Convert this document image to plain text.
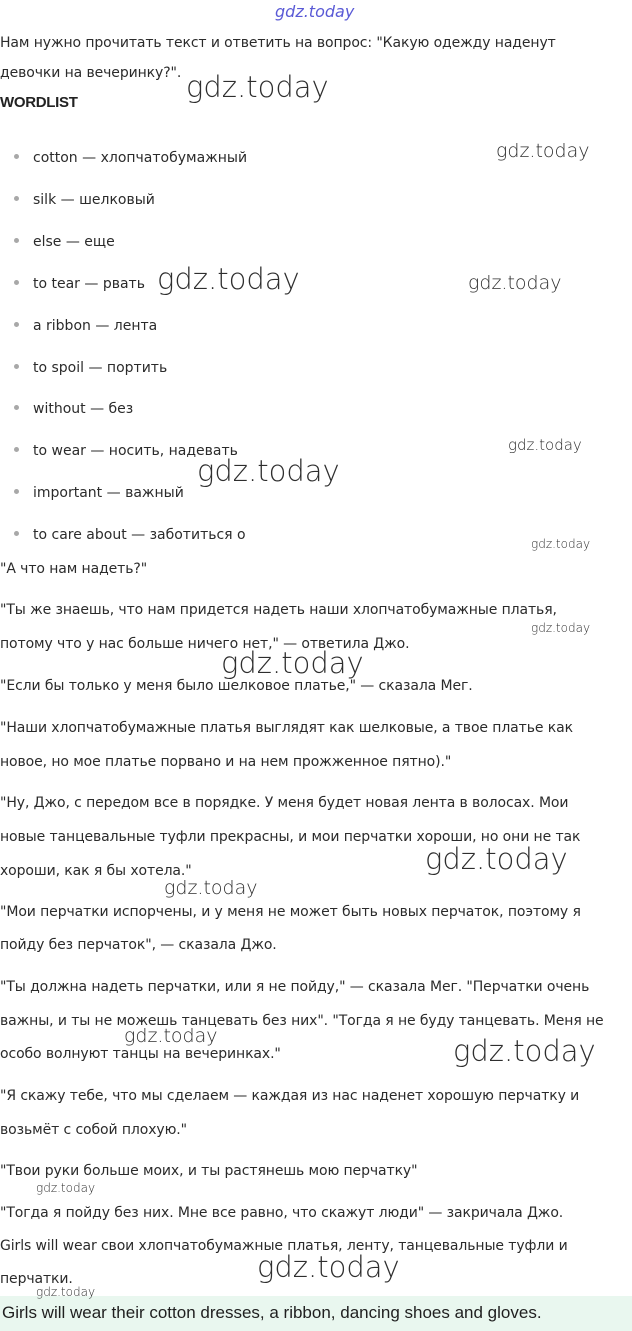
gdz.today
Нам нужно прочитать текст и ответить на вопрос: "Какую одежду наденут
девочки на вечеринку?".
WORDLIST
cotton — хлопчатобумажный
silk — шелковый
else — еще
to tear — рвать
a ribbon — лента
to spoil — портить
without — без
to wear — носить, надевать
important — важный
to care about — заботиться о
"А что нам надеть?"
"Ты же знаешь, что нам придется надеть наши хлопчатобумажные платья,
потому что у нас больше ничего нет," — ответила Джо.
"Если бы только у меня было шелковое платье," — сказала Мег.
"Наши хлопчатобумажные платья выглядят как шелковые, а твое платье как
новое, но мое платье порвано и на нем прожженное пятно)."
"Ну, Джо, с передом все в порядке. У меня будет новая лента в волосах. Мои
новые танцевальные туфли прекрасны, и мои перчатки хороши, но они не так
хороши, как я бы хотела."
"Мои перчатки испорчены, и у меня не может быть новых перчаток, поэтому я
пойду без перчаток", — сказала Джо.
"Ты должна надеть перчатки, или я не пойду," — сказала Мег. "Перчатки очень
важны, и ты не можешь танцевать без них". "Тогда я не буду танцевать. Меня не
особо волнуют танцы на вечеринках."
"Я скажу тебе, что мы сделаем — каждая из нас наденет хорошую перчатку и
возьмёт с собой плохую."
"Твои руки больше моих, и ты растянешь мою перчатку"
"Тогда я пойду без них. Мне все равно, что скажут люди" — закричала Джо.
Girls will wear свои хлопчатобумажные платья, ленту, танцевальные туфли и
перчатки.
Girls will wear their cotton dresses, a ribbon, dancing shoes and gloves.
gdz.today
gdz.today
gdz.today	gdz.today
gdz.today
gdz.today
gdz.today
gdz.today
gdz.today
gdz.today
gdz.today
gdz.today	gdz.today
gdz.today
gdz.today
gdz.today
